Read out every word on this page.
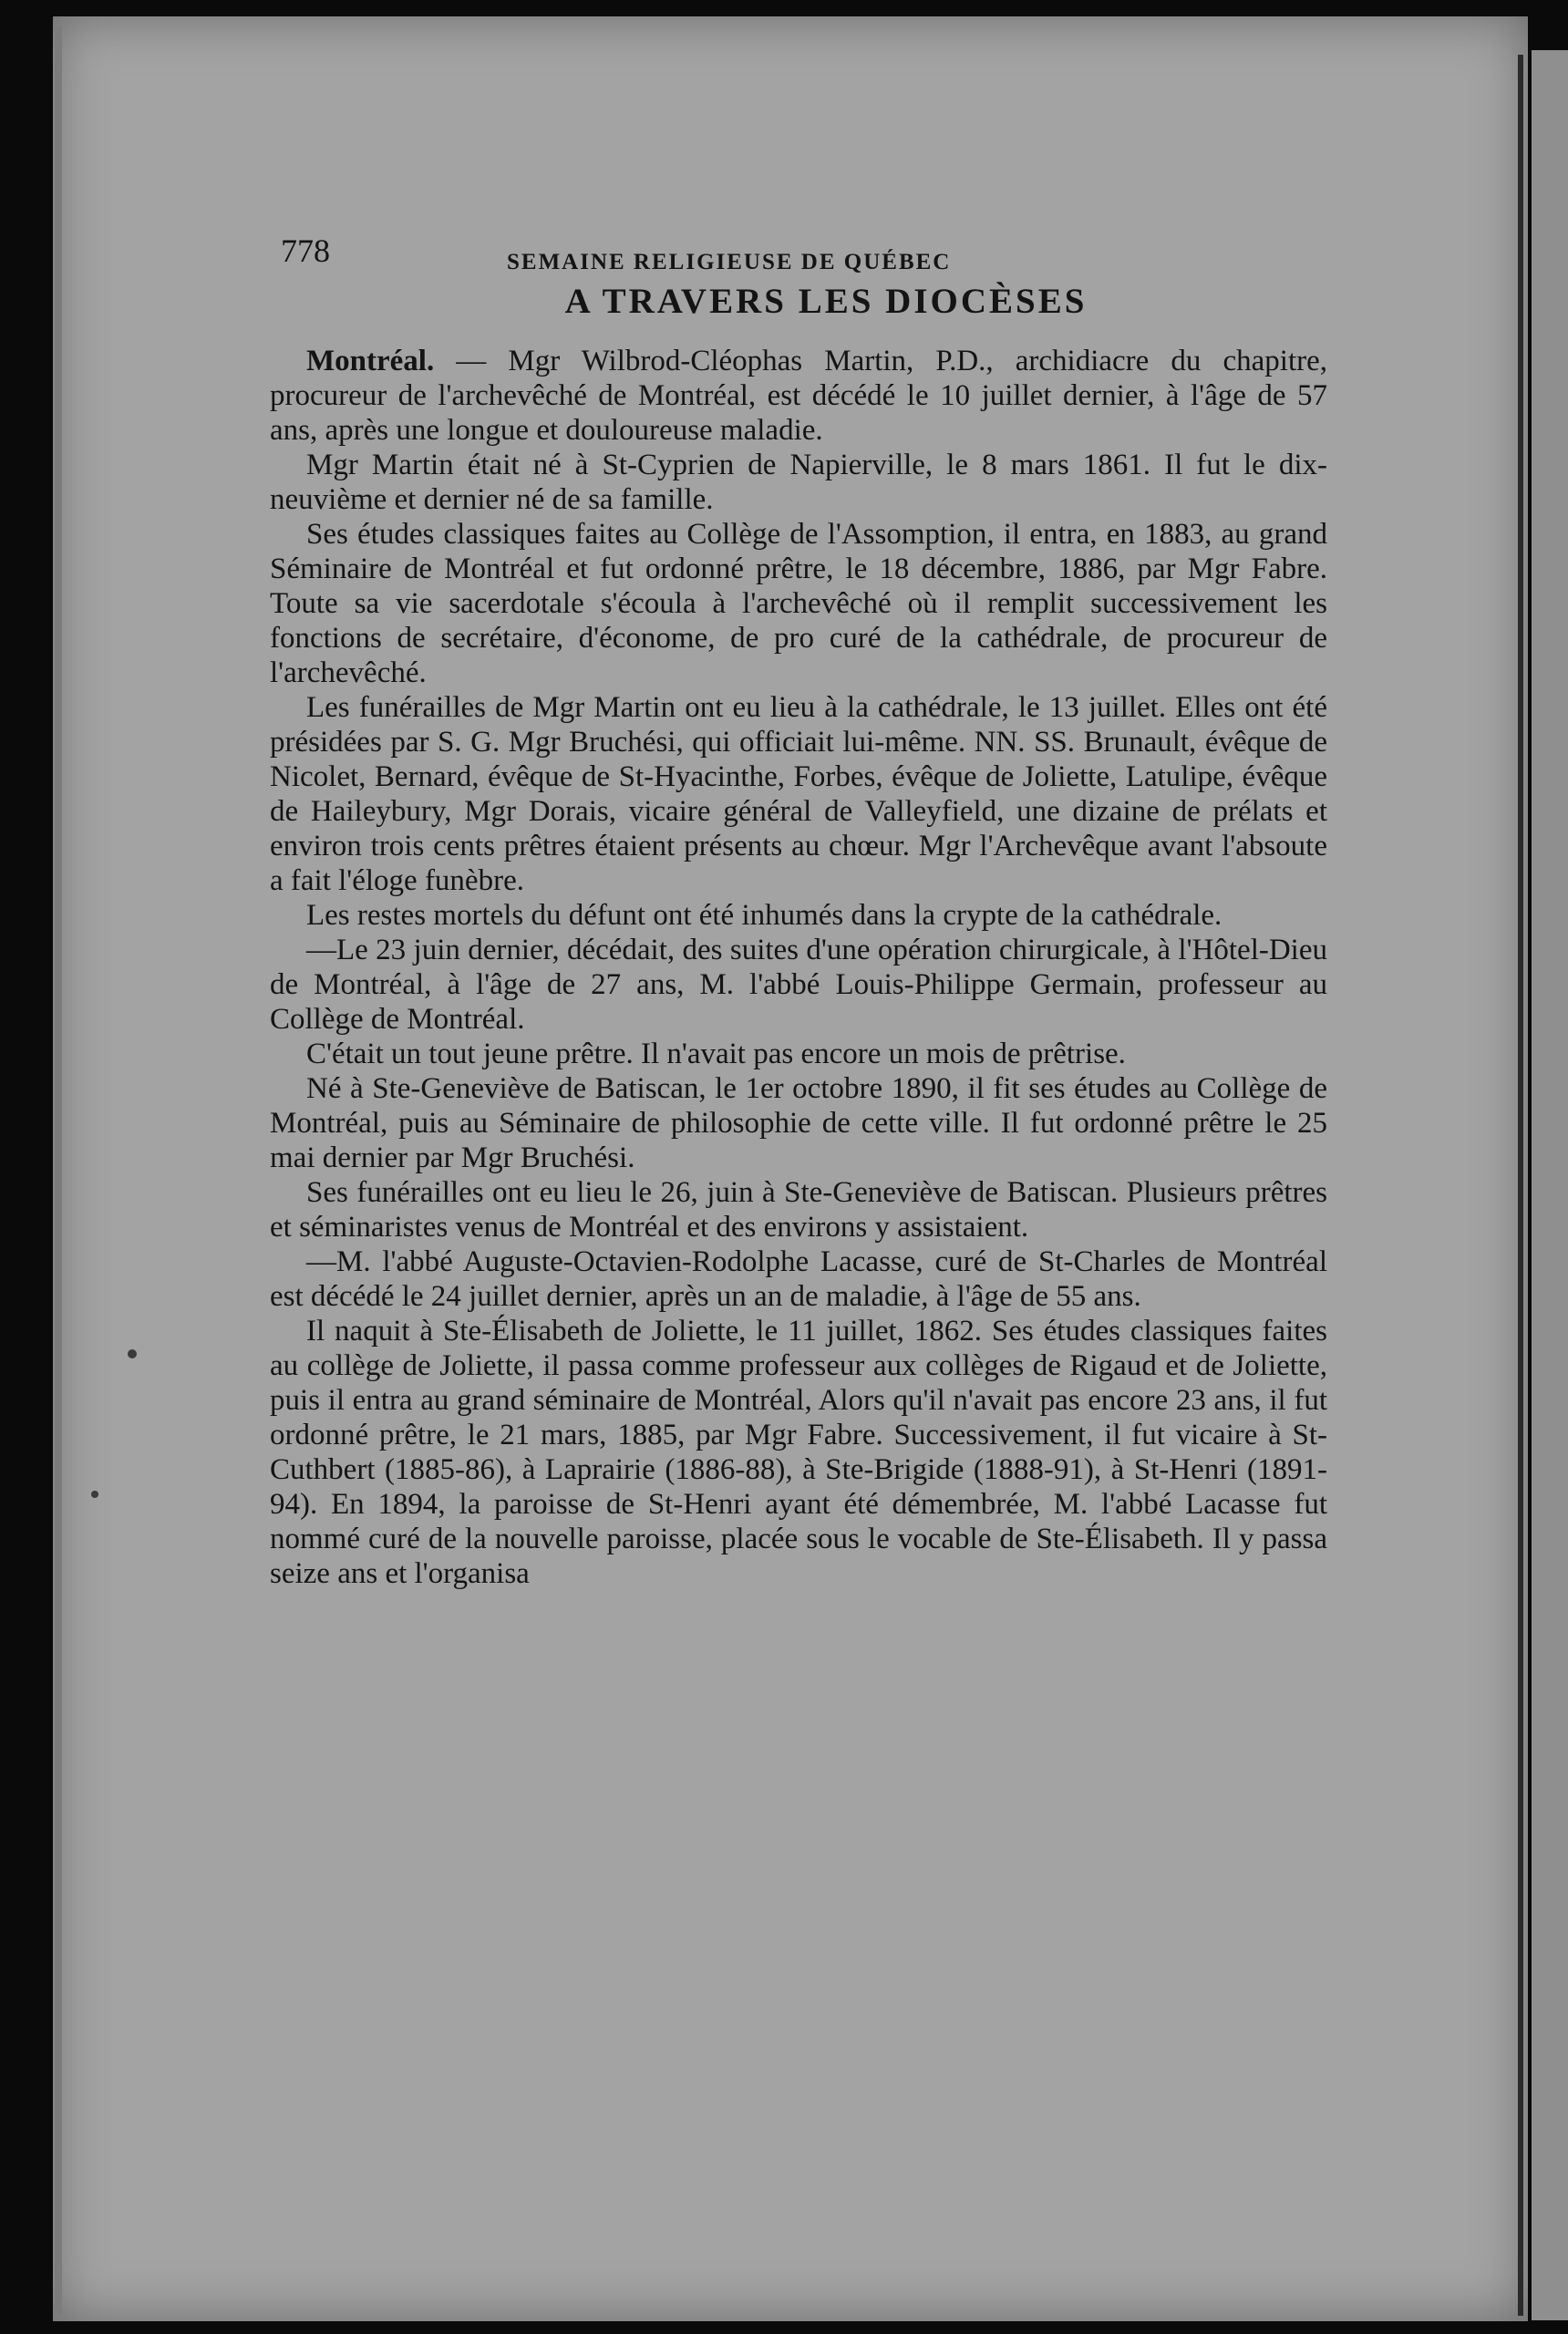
778	SEMAINE RELIGIEUSE DE QUÉBEC
A TRAVERS LES DIOCÈSES

Montréal. — Mgr Wilbrod-Cléophas Martin, P.D., archidiacre du chapitre, procureur de l'archevêché de Montréal, est décédé le 10 juillet dernier, à l'âge de 57 ans, après une longue et douloureuse maladie.

Mgr Martin était né à St-Cyprien de Napierville, le 8 mars 1861. Il fut le dix-neuvième et dernier né de sa famille.

Ses études classiques faites au Collège de l'Assomption, il entra, en 1883, au grand Séminaire de Montréal et fut ordonné prêtre, le 18 décembre, 1886, par Mgr Fabre. Toute sa vie sacerdotale s'écoula à l'archevêché où il remplit successivement les fonctions de secrétaire, d'économe, de pro curé de la cathédrale, de procureur de l'archevêché.

Les funérailles de Mgr Martin ont eu lieu à la cathédrale, le 13 juillet. Elles ont été présidées par S. G. Mgr Bruchési, qui officiait lui-même. NN. SS. Brunault, évêque de Nicolet, Bernard, évêque de St-Hyacinthe, Forbes, évêque de Joliette, Latulipe, évêque de Haileybury, Mgr Dorais, vicaire général de Valleyfield, une dizaine de prélats et environ trois cents prêtres étaient présents au chœur. Mgr l'Archevêque avant l'absoute a fait l'éloge funèbre.

Les restes mortels du défunt ont été inhumés dans la crypte de la cathédrale.

—Le 23 juin dernier, décédait, des suites d'une opération chirurgicale, à l'Hôtel-Dieu de Montréal, à l'âge de 27 ans, M. l'abbé Louis-Philippe Germain, professeur au Collège de Montréal.

C'était un tout jeune prêtre. Il n'avait pas encore un mois de prêtrise.

Né à Ste-Geneviève de Batiscan, le 1er octobre 1890, il fit ses études au Collège de Montréal, puis au Séminaire de philosophie de cette ville. Il fut ordonné prêtre le 25 mai dernier par Mgr Bruchési.

Ses funérailles ont eu lieu le 26, juin à Ste-Geneviève de Batiscan. Plusieurs prêtres et séminaristes venus de Montréal et des environs y assistaient.

—M. l'abbé Auguste-Octavien-Rodolphe Lacasse, curé de St-Charles de Montréal est décédé le 24 juillet dernier, après un an de maladie, à l'âge de 55 ans.

Il naquit à Ste-Élisabeth de Joliette, le 11 juillet, 1862. Ses études classiques faites au collège de Joliette, il passa comme professeur aux collèges de Rigaud et de Joliette, puis il entra au grand séminaire de Montréal, Alors qu'il n'avait pas encore 23 ans, il fut ordonné prêtre, le 21 mars, 1885, par Mgr Fabre. Successivement, il fut vicaire à St-Cuthbert (1885-86), à Laprairie (1886-88), à Ste-Brigide (1888-91), à St-Henri (1891-94). En 1894, la paroisse de St-Henri ayant été démembrée, M. l'abbé Lacasse fut nommé curé de la nouvelle paroisse, placée sous le vocable de Ste-Élisabeth. Il y passa seize ans et l'organisa
